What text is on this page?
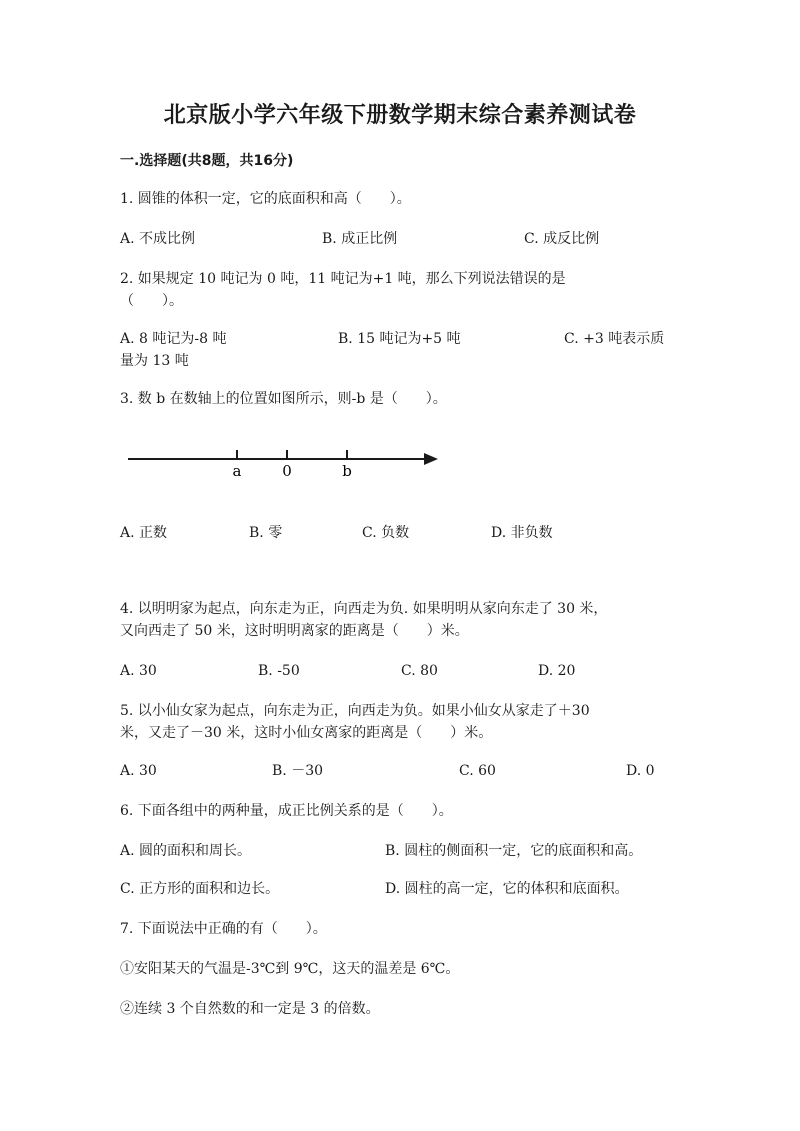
北京版小学六年级下册数学期末综合素养测试卷
一.选择题(共8题，共16分)
1. 圆锥的体积一定，它的底面积和高（　　）。
A. 不成比例	B. 成正比例	C. 成反比例
2. 如果规定 10 吨记为 0 吨，11 吨记为+1 吨，那么下列说法错误的是
（　　）。
A. 8 吨记为-8 吨	B. 15 吨记为+5 吨	C. +3 吨表示质
量为 13 吨
3. 数 b 在数轴上的位置如图所示，则-b 是（　　）。
a	0	b
A. 正数	B. 零	C. 负数	D. 非负数
4. 以明明家为起点，向东走为正，向西走为负. 如果明明从家向东走了 30 米，
又向西走了 50 米，这时明明离家的距离是（　　）米。
A. 30	B. -50	C. 80	D. 20
5. 以小仙女家为起点，向东走为正，向西走为负。如果小仙女从家走了＋30
米，又走了－30 米，这时小仙女离家的距离是（　　）米。
A. 30	B. －30	C. 60	D. 0
6. 下面各组中的两种量，成正比例关系的是（　　）。
A. 圆的面积和周长。	B. 圆柱的侧面积一定，它的底面积和高。
C. 正方形的面积和边长。	D. 圆柱的高一定，它的体积和底面积。
7. 下面说法中正确的有（　　）。
①安阳某天的气温是-3℃到 9℃，这天的温差是 6℃。
②连续 3 个自然数的和一定是 3 的倍数。
